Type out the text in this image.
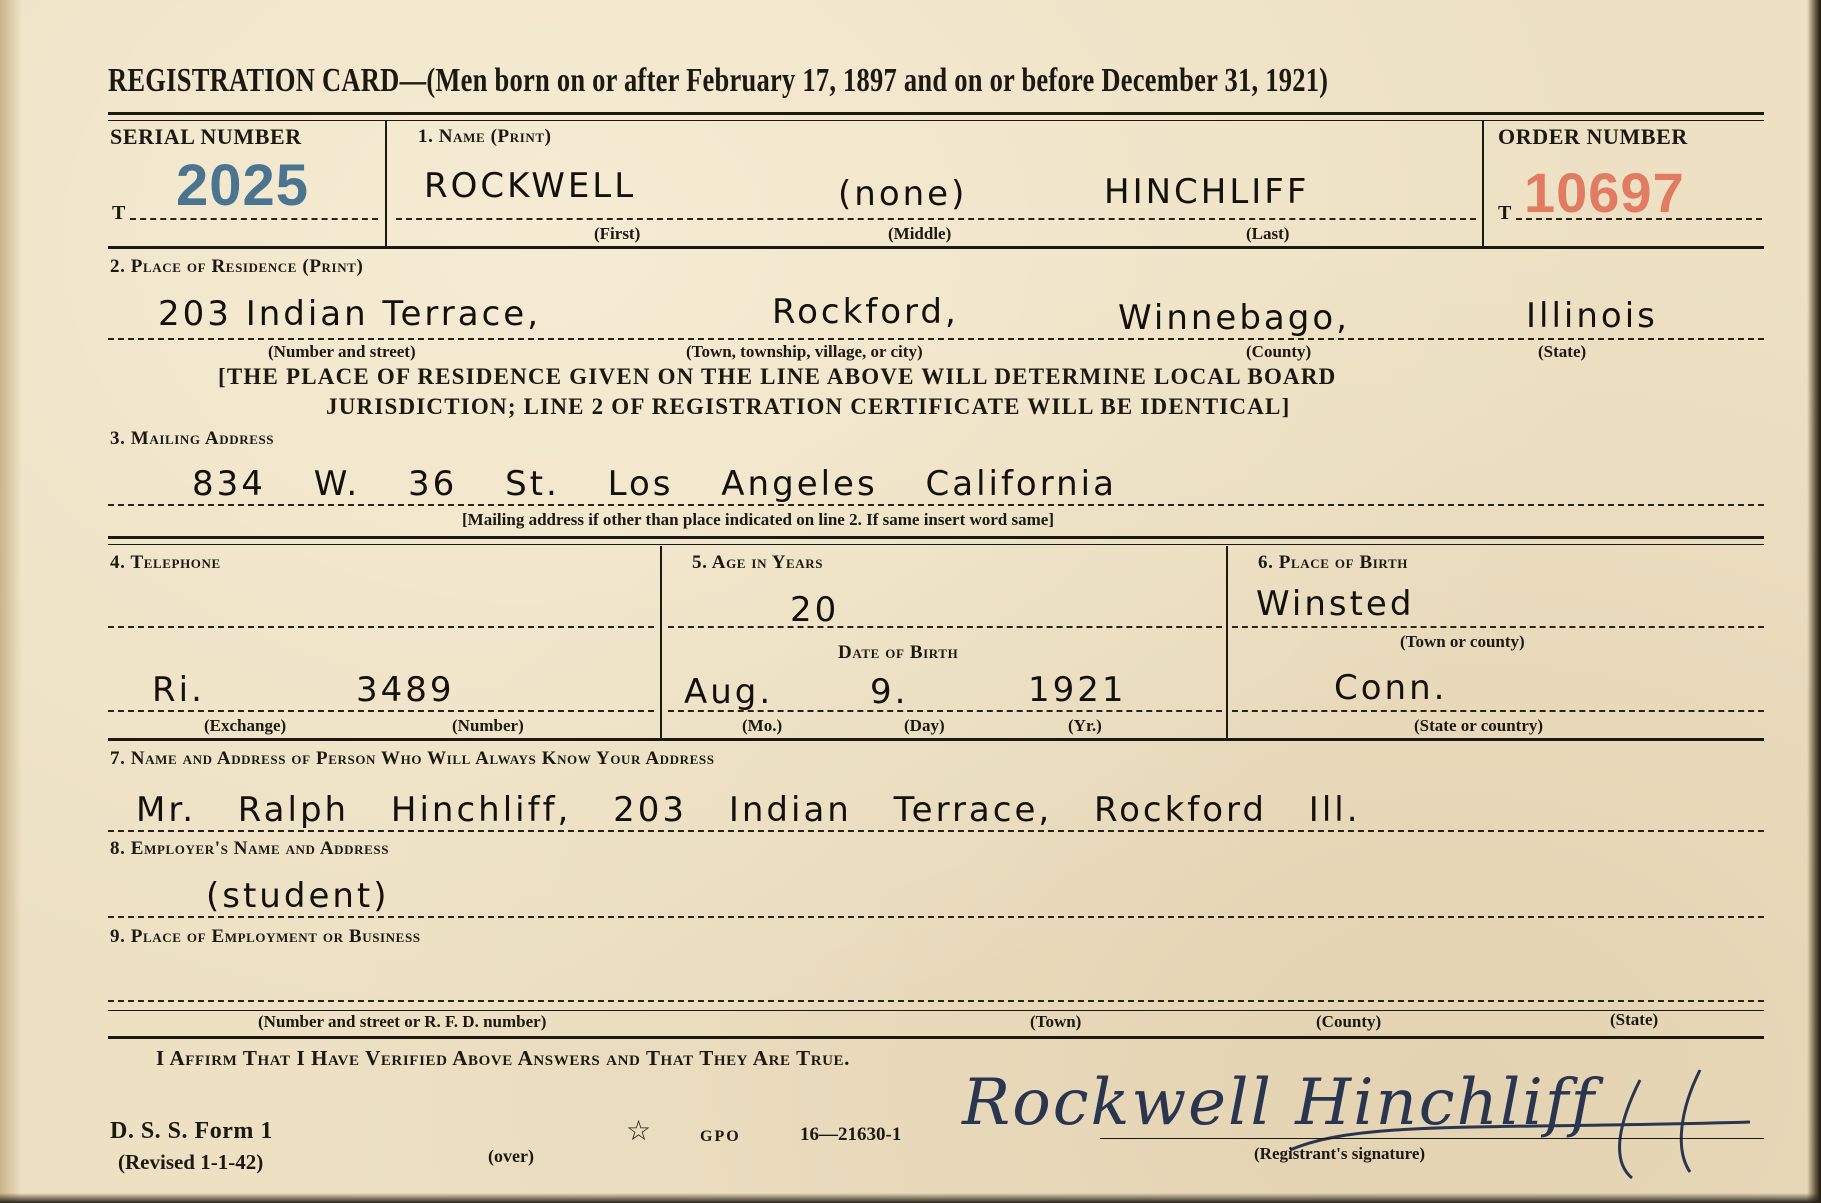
REGISTRATION CARD—(Men born on or after February 17, 1897 and on or before December 31, 1921)
SERIAL NUMBER
T 2025
1. Name (Print)
ROCKWELL	(none)	HINCHLIFF
(First)	(Middle)	(Last)
ORDER NUMBER
T 10697
2. Place of Residence (Print)
203 Indian Terrace,	Rockford,	Winnebago,	Illinois
(Number and street)	(Town, township, village, or city)	(County)	(State)
[THE PLACE OF RESIDENCE GIVEN ON THE LINE ABOVE WILL DETERMINE LOCAL BOARD
JURISDICTION; LINE 2 OF REGISTRATION CERTIFICATE WILL BE IDENTICAL]
3. Mailing Address
834 W. 36 St. Los Angeles California
[Mailing address if other than place indicated on line 2. If same insert word same]
4. Telephone
Ri.	3489
(Exchange)	(Number)
5. Age in Years
20
Date of Birth
Aug.	9.	1921
(Mo.)	(Day)	(Yr.)
6. Place of Birth
Winsted
(Town or county)
Conn.
(State or country)
7. Name and Address of Person Who Will Always Know Your Address
Mr. Ralph Hinchliff, 203 Indian Terrace, Rockford Ill.
8. Employer's Name and Address
(student)
9. Place of Employment or Business
(Number and street or R. F. D. number)	(Town)	(County)	(State)
I Affirm That I Have Verified Above Answers and That They Are True.
D. S. S. Form 1
(Revised 1-1-42)	(over)
☆	GPO	16—21630-1 Rockwell Hinchliff
(Registrant's signature)
